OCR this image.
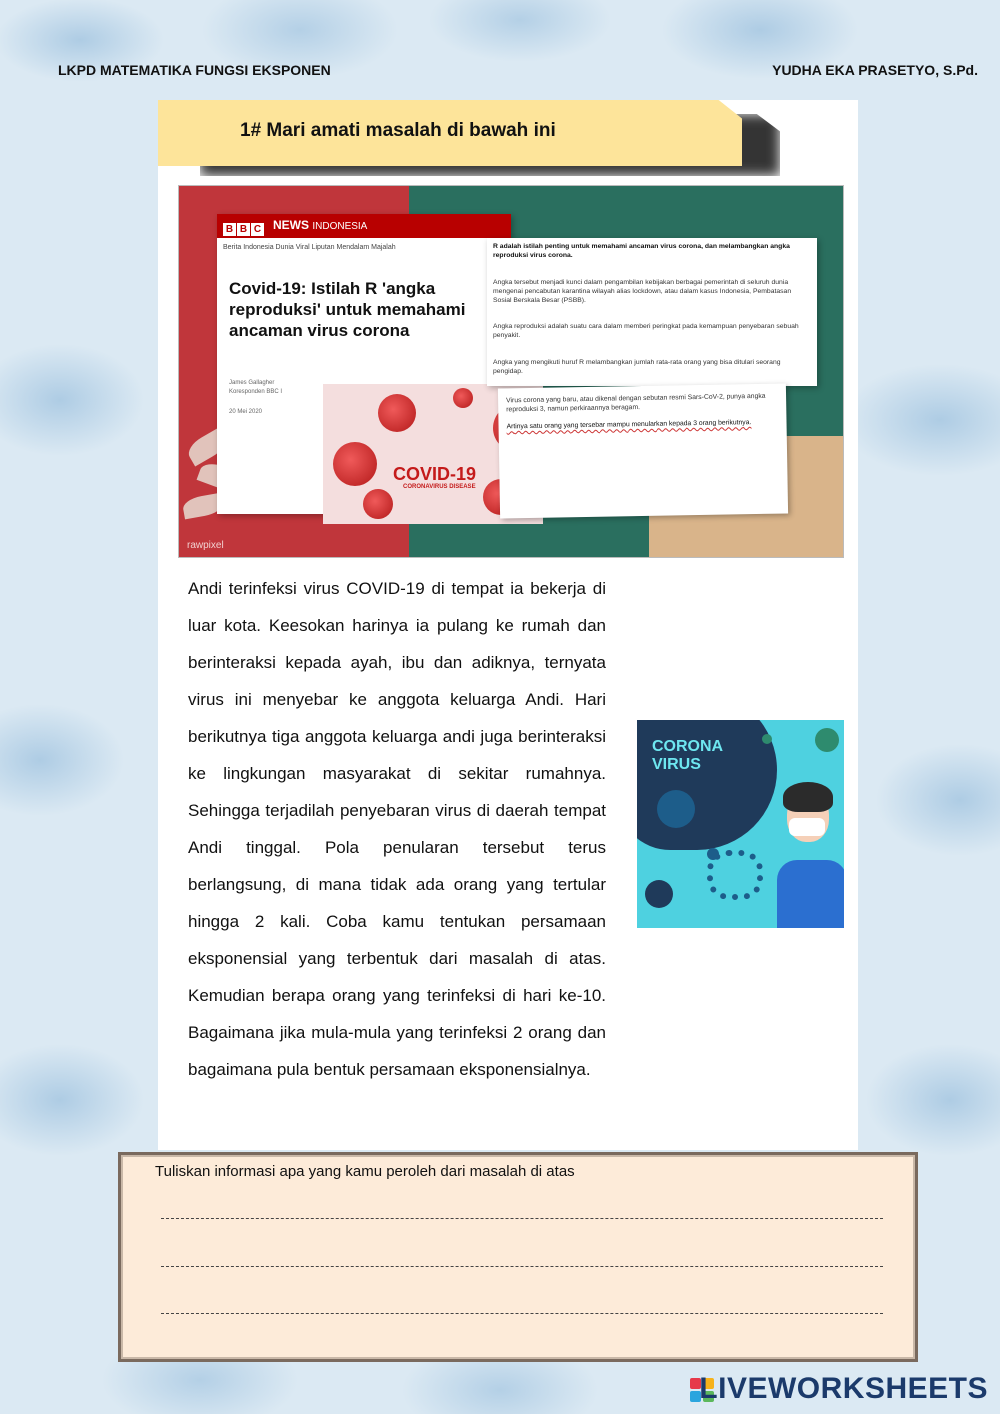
LKPD MATEMATIKA FUNGSI EKSPONEN	YUDHA EKA PRASETYO, S.Pd.
1# Mari amati masalah di bawah ini
B B C NEWS INDONESIA
Berita Indonesia Dunia Viral Liputan Mendalam Majalah
Covid-19: Istilah R 'angka reproduksi' untuk memahami ancaman virus corona
James Gallagher
Koresponden BBC I
20 Mei 2020
COVID-19
CORONAVIRUS DISEASE
R adalah istilah penting untuk memahami ancaman virus corona, dan melambangkan angka reproduksi virus corona.
Angka tersebut menjadi kunci dalam pengambilan kebijakan berbagai pemerintah di seluruh dunia mengenai pencabutan karantina wilayah alias lockdown, atau dalam kasus Indonesia, Pembatasan Sosial Berskala Besar (PSBB).
Angka reproduksi adalah suatu cara dalam memberi peringkat pada kemampuan penyebaran sebuah penyakit.
Angka yang mengikuti huruf R melambangkan jumlah rata-rata orang yang bisa ditulari seorang pengidap.
Virus corona yang baru, atau dikenal dengan sebutan resmi Sars-CoV-2, punya angka reproduksi 3, namun perkiraannya beragam.
Artinya satu orang yang tersebar mampu menularkan kepada 3 orang berikutnya.
rawpixel
Andi terinfeksi virus COVID-19 di tempat ia bekerja di luar kota. Keesokan harinya ia pulang ke rumah dan berinteraksi kepada ayah, ibu dan adiknya, ternyata virus ini menyebar ke anggota keluarga Andi. Hari berikutnya tiga anggota keluarga andi juga berinteraksi ke lingkungan masyarakat di sekitar rumahnya. Sehingga terjadilah penyebaran virus di daerah tempat Andi tinggal. Pola penularan tersebut terus berlangsung, di mana tidak ada orang yang tertular hingga 2 kali. Coba kamu tentukan persamaan eksponensial yang terbentuk dari masalah di atas. Kemudian berapa orang yang terinfeksi di hari ke-10. Bagaimana jika mula-mula yang terinfeksi 2 orang dan bagaimana pula bentuk persamaan eksponensialnya.
CORONA
VIRUS
Tuliskan informasi apa yang kamu peroleh dari masalah di atas
LIVEWORKSHEETS
